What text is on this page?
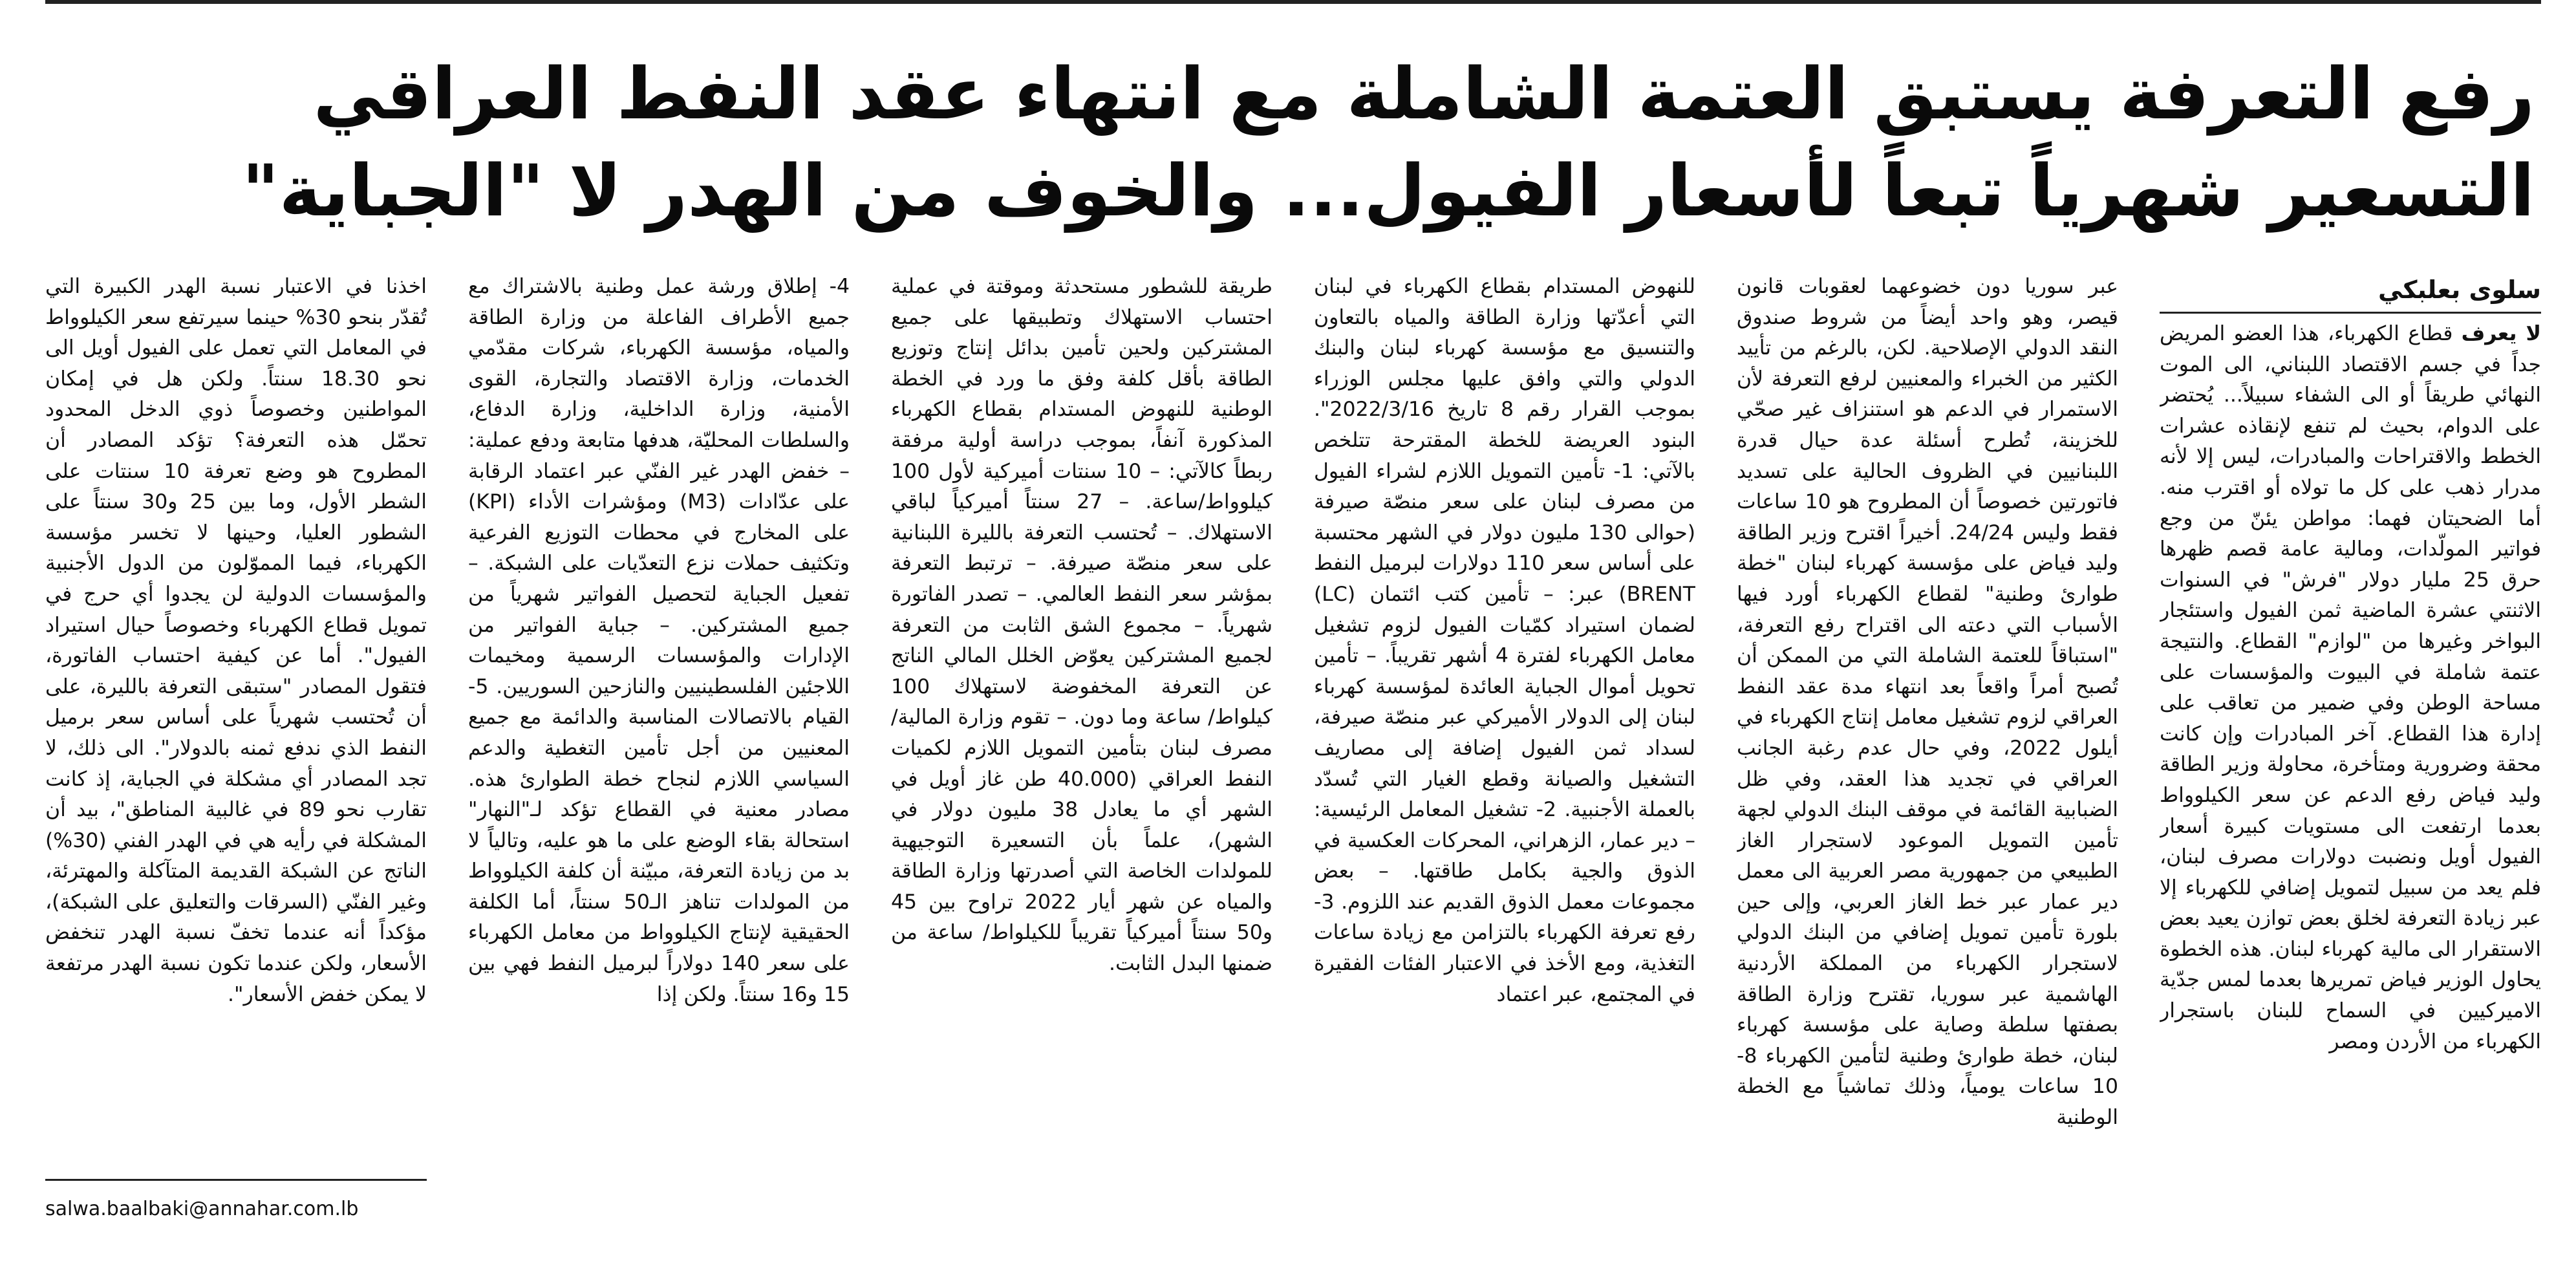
رفع التعرفة يستبق العتمة الشاملة مع انتهاء عقد النفط العراقي
التسعير شهرياً تبعاً لأسعار الفيول... والخوف من الهدر لا "الجباية"
سلوى بعلبكي

لا يعرف قطاع الكهرباء، هذا العضو المريض جداً في جسم الاقتصاد اللبناني، الى الموت النهائي طريقاً أو الى الشفاء سبيلاً... يُحتضر على الدوام، بحيث لم تنفع لإنقاذه عشرات الخطط والاقتراحات والمبادرات، ليس إلا لأنه مدرار ذهب على كل ما تولاه أو اقترب منه. أما الضحيتان فهما: مواطن يئنّ من وجع فواتير المولّدات، ومالية عامة قصم ظهرها حرق 25 مليار دولار "فرش" في السنوات الاثنتي عشرة الماضية ثمن الفيول واستئجار البواخر وغيرها من "لوازم" القطاع. والنتيجة عتمة شاملة في البيوت والمؤسسات على مساحة الوطن وفي ضمير من تعاقب على إدارة هذا القطاع. آخر المبادرات وإن كانت محقة وضرورية ومتأخرة، محاولة وزير الطاقة وليد فياض رفع الدعم عن سعر الكيلوواط بعدما ارتفعت الى مستويات كبيرة أسعار الفيول أويل ونضبت دولارات مصرف لبنان، فلم يعد من سبيل لتمويل إضافي للكهرباء إلا عبر زيادة التعرفة لخلق بعض توازن يعيد بعض الاستقرار الى مالية كهرباء لبنان. هذه الخطوة يحاول الوزير فياض تمريرها بعدما لمس جدّية الاميركيين في السماح للبنان باستجرار الكهرباء من الأردن ومصر

عبر سوريا دون خضوعهما لعقوبات قانون قيصر، وهو واحد أيضاً من شروط صندوق النقد الدولي الإصلاحية. لكن، بالرغم من تأييد الكثير من الخبراء والمعنيين لرفع التعرفة لأن الاستمرار في الدعم هو استنزاف غير صحّي للخزينة، تُطرح أسئلة عدة حيال قدرة اللبنانيين في الظروف الحالية على تسديد فاتورتين خصوصاً أن المطروح هو 10 ساعات فقط وليس 24/24. أخيراً اقترح وزير الطاقة وليد فياض على مؤسسة كهرباء لبنان "خطة طوارئ وطنية" لقطاع الكهرباء أورد فيها الأسباب التي دعته الى اقتراح رفع التعرفة، "استباقاً للعتمة الشاملة التي من الممكن أن تُصبح أمراً واقعاً بعد انتهاء مدة عقد النفط العراقي لزوم تشغيل معامل إنتاج الكهرباء في أيلول 2022، وفي حال عدم رغبة الجانب العراقي في تجديد هذا العقد، وفي ظل الضبابية القائمة في موقف البنك الدولي لجهة تأمين التمويل الموعود لاستجرار الغاز الطبيعي من جمهورية مصر العربية الى معمل دير عمار عبر خط الغاز العربي، وإلى حين بلورة تأمين تمويل إضافي من البنك الدولي لاستجرار الكهرباء من المملكة الأردنية الهاشمية عبر سوريا، تقترح وزارة الطاقة بصفتها سلطة وصاية على مؤسسة كهرباء لبنان، خطة طوارئ وطنية لتأمين الكهرباء 8-10 ساعات يومياً، وذلك تماشياً مع الخطة الوطنية

للنهوض المستدام بقطاع الكهرباء في لبنان التي أعدّتها وزارة الطاقة والمياه بالتعاون والتنسيق مع مؤسسة كهرباء لبنان والبنك الدولي والتي وافق عليها مجلس الوزراء بموجب القرار رقم 8 تاريخ 2022/3/16". البنود العريضة للخطة المقترحة تتلخص بالآتي: 1- تأمين التمويل اللازم لشراء الفيول من مصرف لبنان على سعر منصّة صيرفة (حوالى 130 مليون دولار في الشهر محتسبة على أساس سعر 110 دولارات لبرميل النفط BRENT) عبر: – تأمين كتب ائتمان (LC) لضمان استيراد كمّيات الفيول لزوم تشغيل معامل الكهرباء لفترة 4 أشهر تقريباً. – تأمين تحويل أموال الجباية العائدة لمؤسسة كهرباء لبنان إلى الدولار الأميركي عبر منصّة صيرفة، لسداد ثمن الفيول إضافة إلى مصاريف التشغيل والصيانة وقطع الغيار التي تُسدّد بالعملة الأجنبية. 2- تشغيل المعامل الرئيسية: – دير عمار، الزهراني، المحركات العكسية في الذوق والجية بكامل طاقتها. – بعض مجموعات معمل الذوق القديم عند اللزوم. 3- رفع تعرفة الكهرباء بالتزامن مع زيادة ساعات التغذية، ومع الأخذ في الاعتبار الفئات الفقيرة في المجتمع، عبر اعتماد

طريقة للشطور مستحدثة وموقتة في عملية احتساب الاستهلاك وتطبيقها على جميع المشتركين ولحين تأمين بدائل إنتاج وتوزيع الطاقة بأقل كلفة وفق ما ورد في الخطة الوطنية للنهوض المستدام بقطاع الكهرباء المذكورة آنفاً، بموجب دراسة أولية مرفقة ربطاً كالآتي: – 10 سنتات أميركية لأول 100 كيلوواط/ساعة. – 27 سنتاً أميركياً لباقي الاستهلاك. – تُحتسب التعرفة بالليرة اللبنانية على سعر منصّة صيرفة. – ترتبط التعرفة بمؤشر سعر النفط العالمي. – تصدر الفاتورة شهرياً. – مجموع الشق الثابت من التعرفة لجميع المشتركين يعوّض الخلل المالي الناتج عن التعرفة المخفوضة لاستهلاك 100 كيلواط/ ساعة وما دون. – تقوم وزارة المالية/ مصرف لبنان بتأمين التمويل اللازم لكميات النفط العراقي (40.000 طن غاز أويل في الشهر أي ما يعادل 38 مليون دولار في الشهر)، علماً بأن التسعيرة التوجيهية للمولدات الخاصة التي أصدرتها وزارة الطاقة والمياه عن شهر أيار 2022 تراوح بين 45 و50 سنتاً أميركياً تقريباً للكيلواط/ ساعة من ضمنها البدل الثابت.

4- إطلاق ورشة عمل وطنية بالاشتراك مع جميع الأطراف الفاعلة من وزارة الطاقة والمياه، مؤسسة الكهرباء، شركات مقدّمي الخدمات، وزارة الاقتصاد والتجارة، القوى الأمنية، وزارة الداخلية، وزارة الدفاع، والسلطات المحليّة، هدفها متابعة ودفع عملية: – خفض الهدر غير الفنّي عبر اعتماد الرقابة على عدّادات (M3) ومؤشرات الأداء (KPI) على المخارج في محطات التوزيع الفرعية وتكثيف حملات نزع التعدّيات على الشبكة. – تفعيل الجباية لتحصيل الفواتير شهرياً من جميع المشتركين. – جباية الفواتير من الإدارات والمؤسسات الرسمية ومخيمات اللاجئين الفلسطينيين والنازحين السوريين. 5- القيام بالاتصالات المناسبة والدائمة مع جميع المعنيين من أجل تأمين التغطية والدعم السياسي اللازم لنجاح خطة الطوارئ هذه. مصادر معنية في القطاع تؤكد لـ"النهار" استحالة بقاء الوضع على ما هو عليه، وتالياً لا بد من زيادة التعرفة، مبيّنة أن كلفة الكيلوواط من المولدات تناهز الـ50 سنتاً، أما الكلفة الحقيقية لإنتاج الكيلوواط من معامل الكهرباء على سعر 140 دولاراً لبرميل النفط فهي بين 15 و16 سنتاً. ولكن إذا

اخذنا في الاعتبار نسبة الهدر الكبيرة التي تُقدّر بنحو 30% حينما سيرتفع سعر الكيلوواط في المعامل التي تعمل على الفيول أويل الى نحو 18.30 سنتاً. ولكن هل في إمكان المواطنين وخصوصاً ذوي الدخل المحدود تحمّل هذه التعرفة؟ تؤكد المصادر أن المطروح هو وضع تعرفة 10 سنتات على الشطر الأول، وما بين 25 و30 سنتاً على الشطور العليا، وحينها لا تخسر مؤسسة الكهرباء، فيما المموّلون من الدول الأجنبية والمؤسسات الدولية لن يجدوا أي حرج في تمويل قطاع الكهرباء وخصوصاً حيال استيراد الفيول". أما عن كيفية احتساب الفاتورة، فتقول المصادر "ستبقى التعرفة بالليرة، على أن تُحتسب شهرياً على أساس سعر برميل النفط الذي ندفع ثمنه بالدولار". الى ذلك، لا تجد المصادر أي مشكلة في الجباية، إذ كانت تقارب نحو 89 في غالبية المناطق"، بيد أن المشكلة في رأيه هي في الهدر الفني (30%) الناتج عن الشبكة القديمة المتآكلة والمهترئة، وغير الفنّي (السرقات والتعليق على الشبكة)، مؤكداً أنه عندما تخفّ نسبة الهدر تنخفض الأسعار، ولكن عندما تكون نسبة الهدر مرتفعة لا يمكن خفض الأسعار".

salwa.baalbaki@annahar.com.lb
